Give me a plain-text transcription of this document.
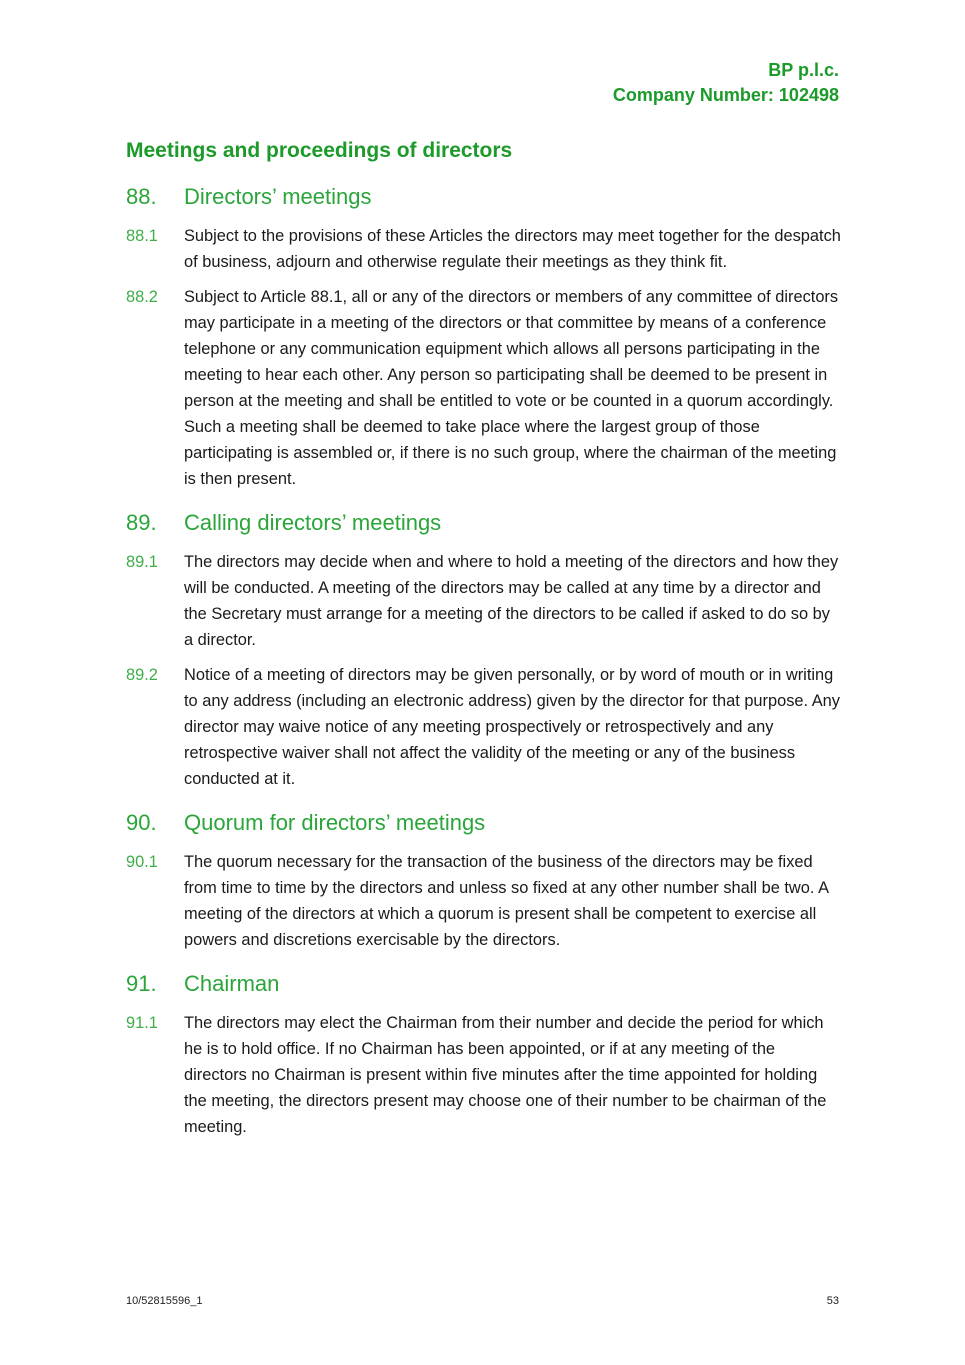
BP p.l.c.
Company Number: 102498
Meetings and proceedings of directors
88.	Directors’ meetings
88.1	Subject to the provisions of these Articles the directors may meet together for the despatch of business, adjourn and otherwise regulate their meetings as they think fit.
88.2	Subject to Article 88.1, all or any of the directors or members of any committee of directors may participate in a meeting of the directors or that committee by means of a conference telephone or any communication equipment which allows all persons participating in the meeting to hear each other. Any person so participating shall be deemed to be present in person at the meeting and shall be entitled to vote or be counted in a quorum accordingly. Such a meeting shall be deemed to take place where the largest group of those participating is assembled or, if there is no such group, where the chairman of the meeting is then present.
89.	Calling directors’ meetings
89.1	The directors may decide when and where to hold a meeting of the directors and how they will be conducted. A meeting of the directors may be called at any time by a director and the Secretary must arrange for a meeting of the directors to be called if asked to do so by a director.
89.2	Notice of a meeting of directors may be given personally, or by word of mouth or in writing to any address (including an electronic address) given by the director for that purpose. Any director may waive notice of any meeting prospectively or retrospectively and any retrospective waiver shall not affect the validity of the meeting or any of the business conducted at it.
90.	Quorum for directors’ meetings
90.1	The quorum necessary for the transaction of the business of the directors may be fixed from time to time by the directors and unless so fixed at any other number shall be two. A meeting of the directors at which a quorum is present shall be competent to exercise all powers and discretions exercisable by the directors.
91.	Chairman
91.1	The directors may elect the Chairman from their number and decide the period for which he is to hold office. If no Chairman has been appointed, or if at any meeting of the directors no Chairman is present within five minutes after the time appointed for holding the meeting, the directors present may choose one of their number to be chairman of the meeting.
10/52815596_1	53
